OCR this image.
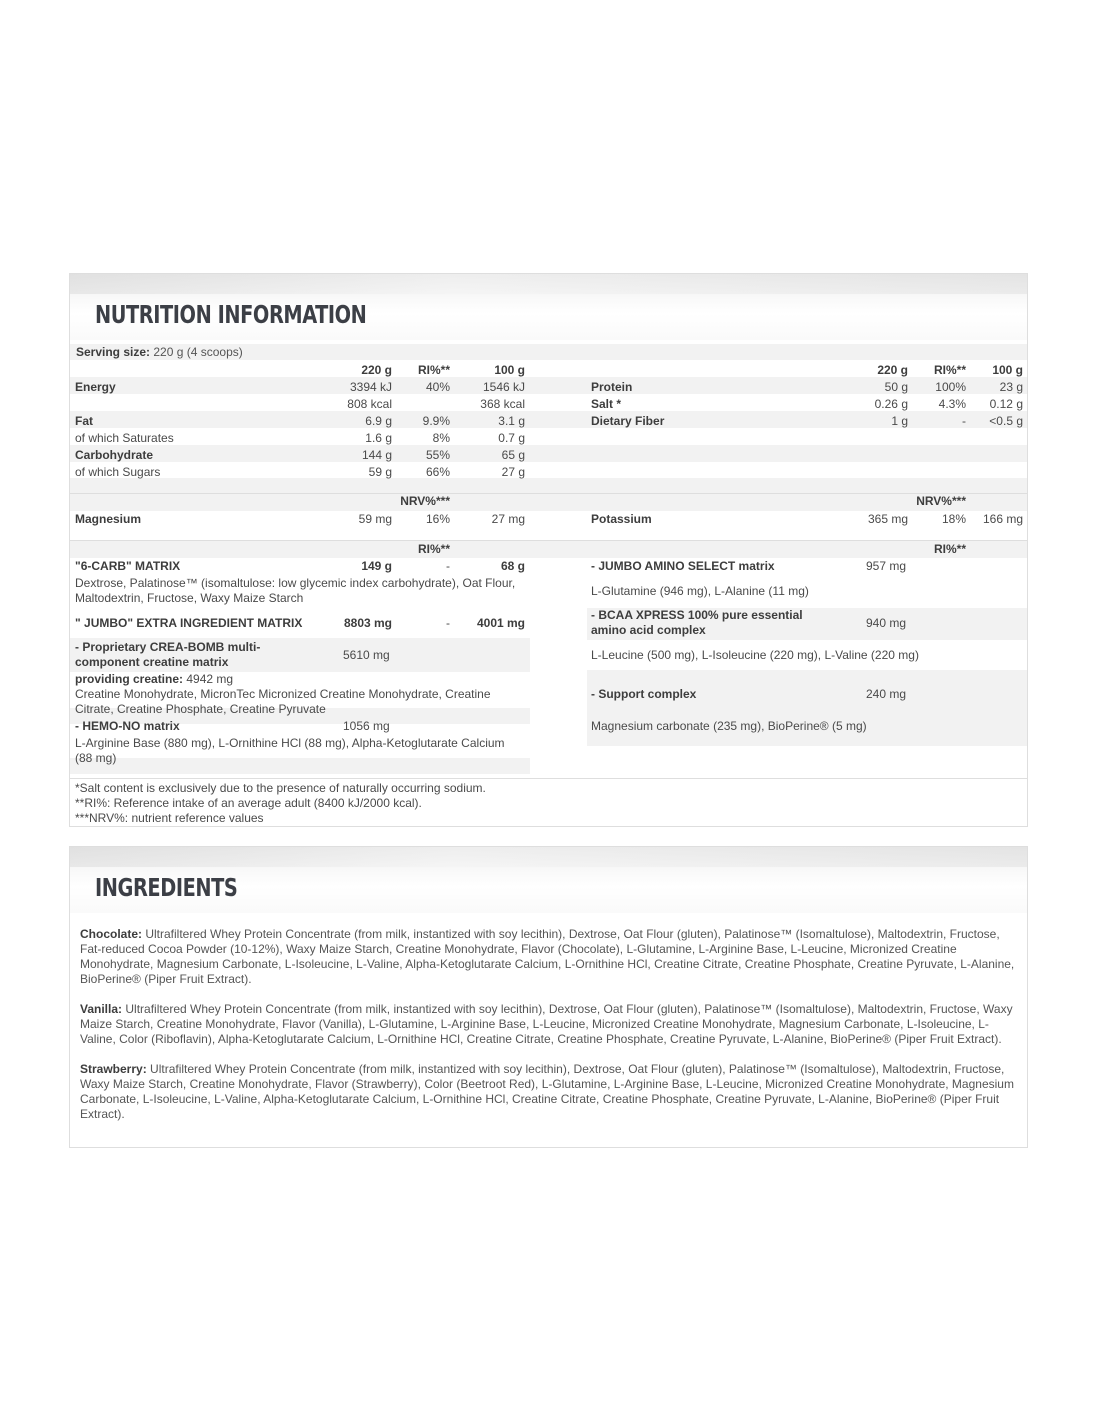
NUTRITION INFORMATION
Serving size: 220 g (4 scoops)
220 g	RI%**	100 g	220 g	RI%**	100 g
Energy	3394 kJ	40%	1546 kJ
808 kcal	368 kcal
Fat	6.9 g	9.9%	3.1 g
of which Saturates	1.6 g	8%	0.7 g
Carbohydrate	144 g	55%	65 g
of which Sugars	59 g	66%	27 g
Protein	50 g	100%	23 g
Salt *	0.26 g	4.3%	0.12 g
Dietary Fiber	1 g	-	<0.5 g
NRV%***	NRV%***
Magnesium	59 mg	16%	27 mg	Potassium	365 mg	18%	166 mg
RI%**	RI%**
"6-CARB" MATRIX	149 g	-	68 g
Dextrose, Palatinose™ (isomaltulose: low glycemic index carbohydrate), Oat Flour,
Maltodextrin, Fructose, Waxy Maize Starch
" JUMBO" EXTRA INGREDIENT MATRIX	8803 mg	-	4001 mg
- Proprietary CREA-BOMB multi-
component creatine matrix	5610 mg
providing creatine: 4942 mg
Creatine Monohydrate, MicronTec Micronized Creatine Monohydrate, Creatine
Citrate, Creatine Phosphate, Creatine Pyruvate
- HEMO-NO matrix	1056 mg
L-Arginine Base (880 mg), L-Ornithine HCl (88 mg), Alpha-Ketoglutarate Calcium
(88 mg)
- JUMBO AMINO SELECT matrix	957 mg
L-Glutamine (946 mg), L-Alanine (11 mg)
- BCAA XPRESS 100% pure essential
amino acid complex	940 mg
L-Leucine (500 mg), L-Isoleucine (220 mg), L-Valine (220 mg)
- Support complex	240 mg
Magnesium carbonate (235 mg), BioPerine® (5 mg)
*Salt content is exclusively due to the presence of naturally occurring sodium.
**RI%: Reference intake of an average adult (8400 kJ/2000 kcal).
***NRV%: nutrient reference values
INGREDIENTS

Chocolate: Ultrafiltered Whey Protein Concentrate (from milk, instantized with soy lecithin), Dextrose, Oat Flour (gluten), Palatinose™ (Isomaltulose), Maltodextrin, Fructose, Fat-reduced Cocoa Powder (10-12%), Waxy Maize Starch, Creatine Monohydrate, Flavor (Chocolate), L-Glutamine, L-Arginine Base, L-Leucine, Micronized Creatine Monohydrate, Magnesium Carbonate, L-Isoleucine, L-Valine, Alpha-Ketoglutarate Calcium, L-Ornithine HCl, Creatine Citrate, Creatine Phosphate, Creatine Pyruvate, L-Alanine, BioPerine® (Piper Fruit Extract).

Vanilla: Ultrafiltered Whey Protein Concentrate (from milk, instantized with soy lecithin), Dextrose, Oat Flour (gluten), Palatinose™ (Isomaltulose), Maltodextrin, Fructose, Waxy Maize Starch, Creatine Monohydrate, Flavor (Vanilla), L-Glutamine, L-Arginine Base, L-Leucine, Micronized Creatine Monohydrate, Magnesium Carbonate, L-Isoleucine, L-Valine, Color (Riboflavin), Alpha-Ketoglutarate Calcium, L-Ornithine HCl, Creatine Citrate, Creatine Phosphate, Creatine Pyruvate, L-Alanine, BioPerine® (Piper Fruit Extract).

Strawberry: Ultrafiltered Whey Protein Concentrate (from milk, instantized with soy lecithin), Dextrose, Oat Flour (gluten), Palatinose™ (Isomaltulose), Maltodextrin, Fructose, Waxy Maize Starch, Creatine Monohydrate, Flavor (Strawberry), Color (Beetroot Red), L-Glutamine, L-Arginine Base, L-Leucine, Micronized Creatine Monohydrate, Magnesium Carbonate, L-Isoleucine, L-Valine, Alpha-Ketoglutarate Calcium, L-Ornithine HCl, Creatine Citrate, Creatine Phosphate, Creatine Pyruvate, L-Alanine, BioPerine® (Piper Fruit Extract).
